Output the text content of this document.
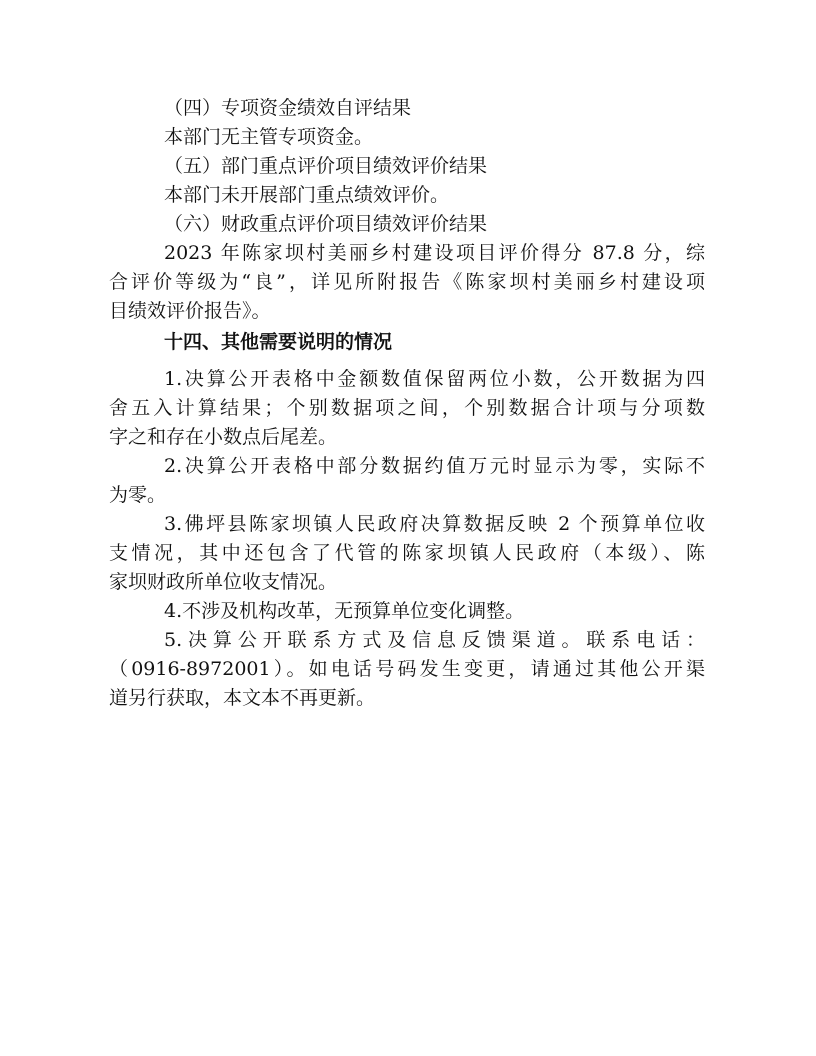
（四）专项资金绩效自评结果

本部门无主管专项资金。

（五）部门重点评价项目绩效评价结果

本部门未开展部门重点绩效评价。

（六）财政重点评价项目绩效评价结果

2023 年陈家坝村美丽乡村建设项目评价得分 87.8 分，综

合评价等级为“良”，详见所附报告《陈家坝村美丽乡村建设项

目绩效评价报告》。

十四、其他需要说明的情况

1.决算公开表格中金额数值保留两位小数，公开数据为四

舍五入计算结果；个别数据项之间，个别数据合计项与分项数

字之和存在小数点后尾差。

2.决算公开表格中部分数据约值万元时显示为零，实际不

为零。

3.佛坪县陈家坝镇人民政府决算数据反映 2 个预算单位收

支情况，其中还包含了代管的陈家坝镇人民政府（本级）、陈

家坝财政所单位收支情况。

4.不涉及机构改革，无预算单位变化调整。

5.决算公开联系方式及信息反馈渠道。联系电话：

（0916-8972001）。如电话号码发生变更，请通过其他公开渠

道另行获取，本文本不再更新。
